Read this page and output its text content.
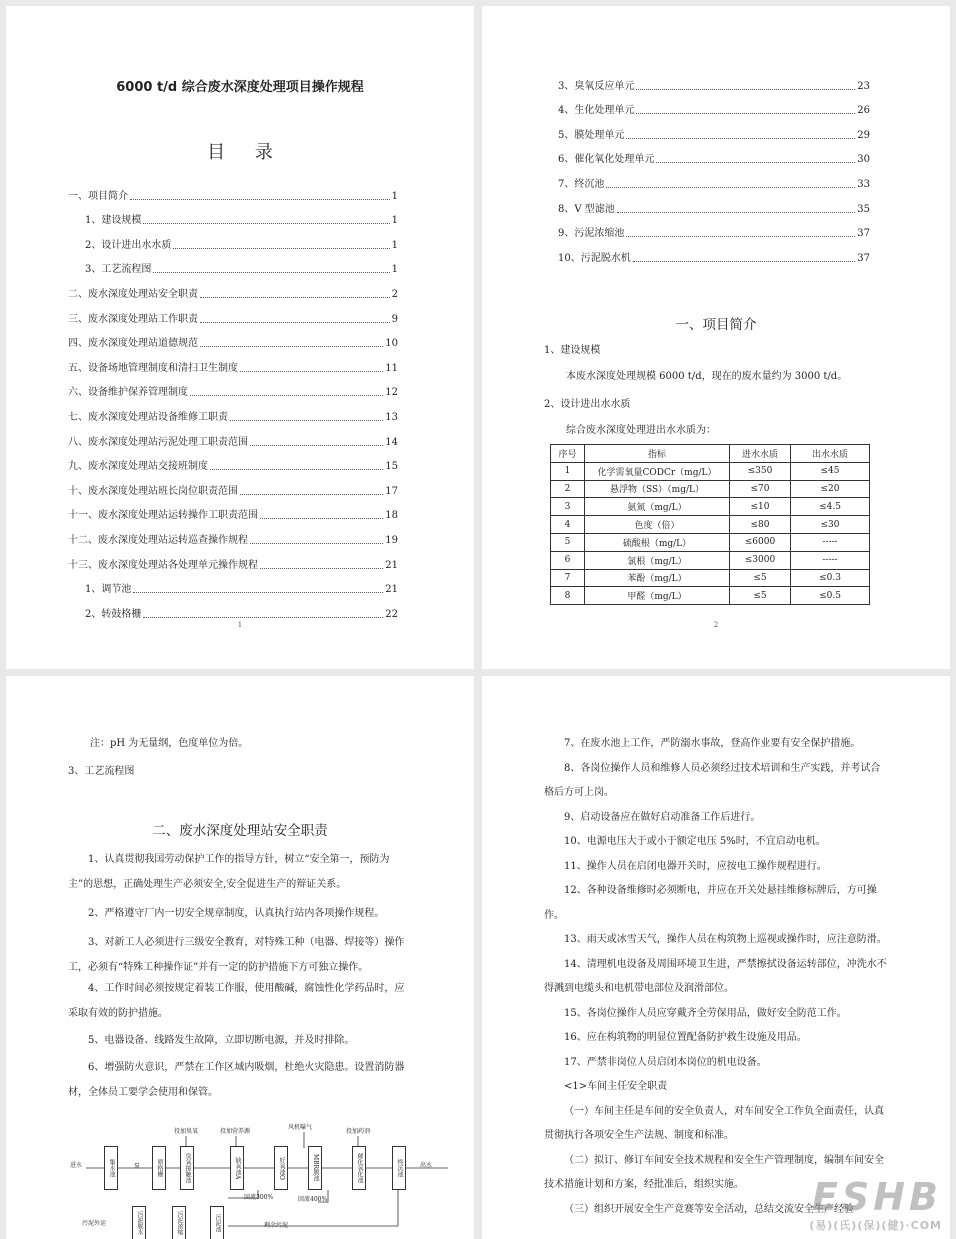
6000 t/d 综合废水深度处理项目操作规程
目 录
一、项目简介	1
1、建设规模	1
2、设计进出水水质	1
3、工艺流程图	1
二、废水深度处理站安全职责	2
三、废水深度处理站工作职责	9
四、废水深度处理站道德规范	10
五、设备场地管理制度和清扫卫生制度	11
六、设备维护保养管理制度	12
七、废水深度处理站设备维修工职责	13
八、废水深度处理站污泥处理工职责范围	14
九、废水深度处理站交接班制度	15
十、废水深度处理站班长岗位职责范围	17
十一、废水深度处理站运转操作工职责范围	18
十二、废水深度处理站运转巡查操作规程	19
十三、废水深度处理站各处理单元操作规程	21
1、调节池	21
2、转鼓格栅	22
1
3、臭氧反应单元	23
4、生化处理单元	26
5、膜处理单元	29
6、催化氧化处理单元	30
7、终沉池	33
8、V 型滤池	35
9、污泥浓缩池	37
10、污泥脱水机	37
一、项目简介
1、建设规模
本废水深度处理规模 6000 t/d，现在的废水量约为 3000 t/d。
2、设计进出水水质
综合废水深度处理进出水水质为：
序号	指标	进水水质	出水水质
1	化学需氧量CODCr（mg/L）	≤350	≤45
2	悬浮物（SS）（mg/L）	≤70	≤20
3	氨氮（mg/L）	≤10	≤4.5
4	色度（倍）	≤80	≤30
5	硫酸根（mg/L）	≤6000	-----
6	氯根（mg/L）	≤3000	-----
7	苯酚（mg/L）	≤5	≤0.3
8	甲醛（mg/L）	≤5	≤0.5
2
注：pH 为无量纲，色度单位为倍。
3、工艺流程图
二、废水深度处理站安全职责
1、认真贯彻我国劳动保护工作的指导方针，树立“安全第一，预防为主”的思想，正确处理生产必须安全,安全促进生产的辩证关系。
2、严格遵守厂内一切安全规章制度，认真执行站内各项操作规程。
3、对新工人必须进行三级安全教育，对特殊工种（电器、焊接等）操作工，必须有“特殊工种操作证”并有一定的防护措施下方可独立操作。
4、工作时间必须按规定着装工作服，使用酸碱，腐蚀性化学药品时，应采取有效的防护措施。
5、电器设备、线路发生故障，立即切断电源，并及时排除。
6、增强防火意识，严禁在工作区域内吸烟，杜绝火灾隐患。设置消防器材，全体员工要学会使用和保管。
进水	出水
污泥外运
投加臭氧	投加营养源
风机曝气
投加药剂
集水池	原格栅	臭氧接触池	缺氧池A	好氧池O	MBR膜池	催化氧化池	终沉池
污泥脱水	污泥浓缩	污泥池
回流300%	回流400%
剩余污泥
泵
7、在废水池上工作，严防溺水事故，登高作业要有安全保护措施。
8、各岗位操作人员和维修人员必须经过技术培训和生产实践，并考试合格后方可上岗。
9、启动设备应在做好启动准备工作后进行。
10、电源电压大于或小于额定电压 5%时，不宜启动电机。
11、操作人员在启闭电器开关时，应按电工操作规程进行。
12、各种设备维修时必须断电，并应在开关处悬挂维修标牌后，方可操作。
13、雨天或冰雪天气，操作人员在构筑物上巡视或操作时，应注意防滑。
14、清理机电设备及周围环境卫生进，严禁擦拭设备运转部位，冲洗水不得溅到电缆头和电机带电部位及润滑部位。
15、各岗位操作人员应穿戴齐全劳保用品，做好安全防范工作。
16、应在构筑物的明显位置配备防护救生设施及用品。
17、严禁非岗位人员启闭本岗位的机电设备。
<1>车间主任安全职责
（一）车间主任是车间的安全负责人，对车间安全工作负全面责任，认真贯彻执行各项安全生产法规、制度和标准。
（二）拟订、修订车间安全技术规程和安全生产管理制度，编制车间安全技术措施计划和方案，经批准后，组织实施。
（三）组织开展安全生产竞赛等安全活动，总结交流安全生产经验
ESHB
(易)(氏)(保)(健)·COM
